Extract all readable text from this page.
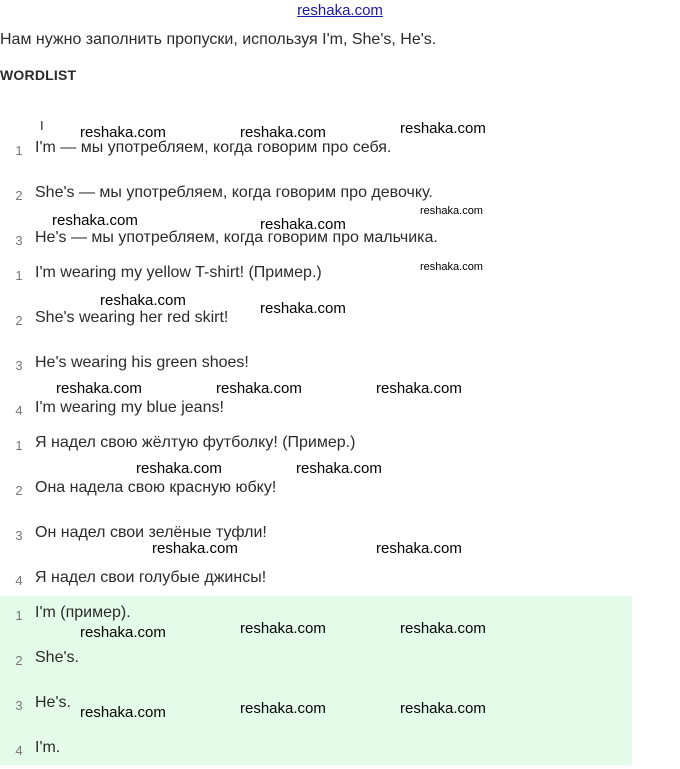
reshaka.com
Нам нужно заполнить пропуски, используя I'm, She's, He's.
WORDLIST
I
1 I'm — мы употребляем, когда говорим про себя.
2 She's — мы употребляем, когда говорим про девочку.
3 He's — мы употребляем, когда говорим про мальчика.
1 I'm wearing my yellow T-shirt! (Пример.)
2 She's wearing her red skirt!
3 He's wearing his green shoes!
4 I'm wearing my blue jeans!
1 Я надел свою жёлтую футболку! (Пример.)
2 Она надела свою красную юбку!
3 Он надел свои зелёные туфли!
4 Я надел свои голубые джинсы!
1 I'm (пример).
2 She's.
3 He's.
4 I'm.
reshaka.com	reshaka.com	reshaka.com
reshaka.com	reshaka.com
reshaka.com
reshaka.com
reshaka.com	reshaka.com
reshaka.com	reshaka.com	reshaka.com
reshaka.com	reshaka.com
reshaka.com	reshaka.com
reshaka.com	reshaka.com	reshaka.com
reshaka.com	reshaka.com	reshaka.com
